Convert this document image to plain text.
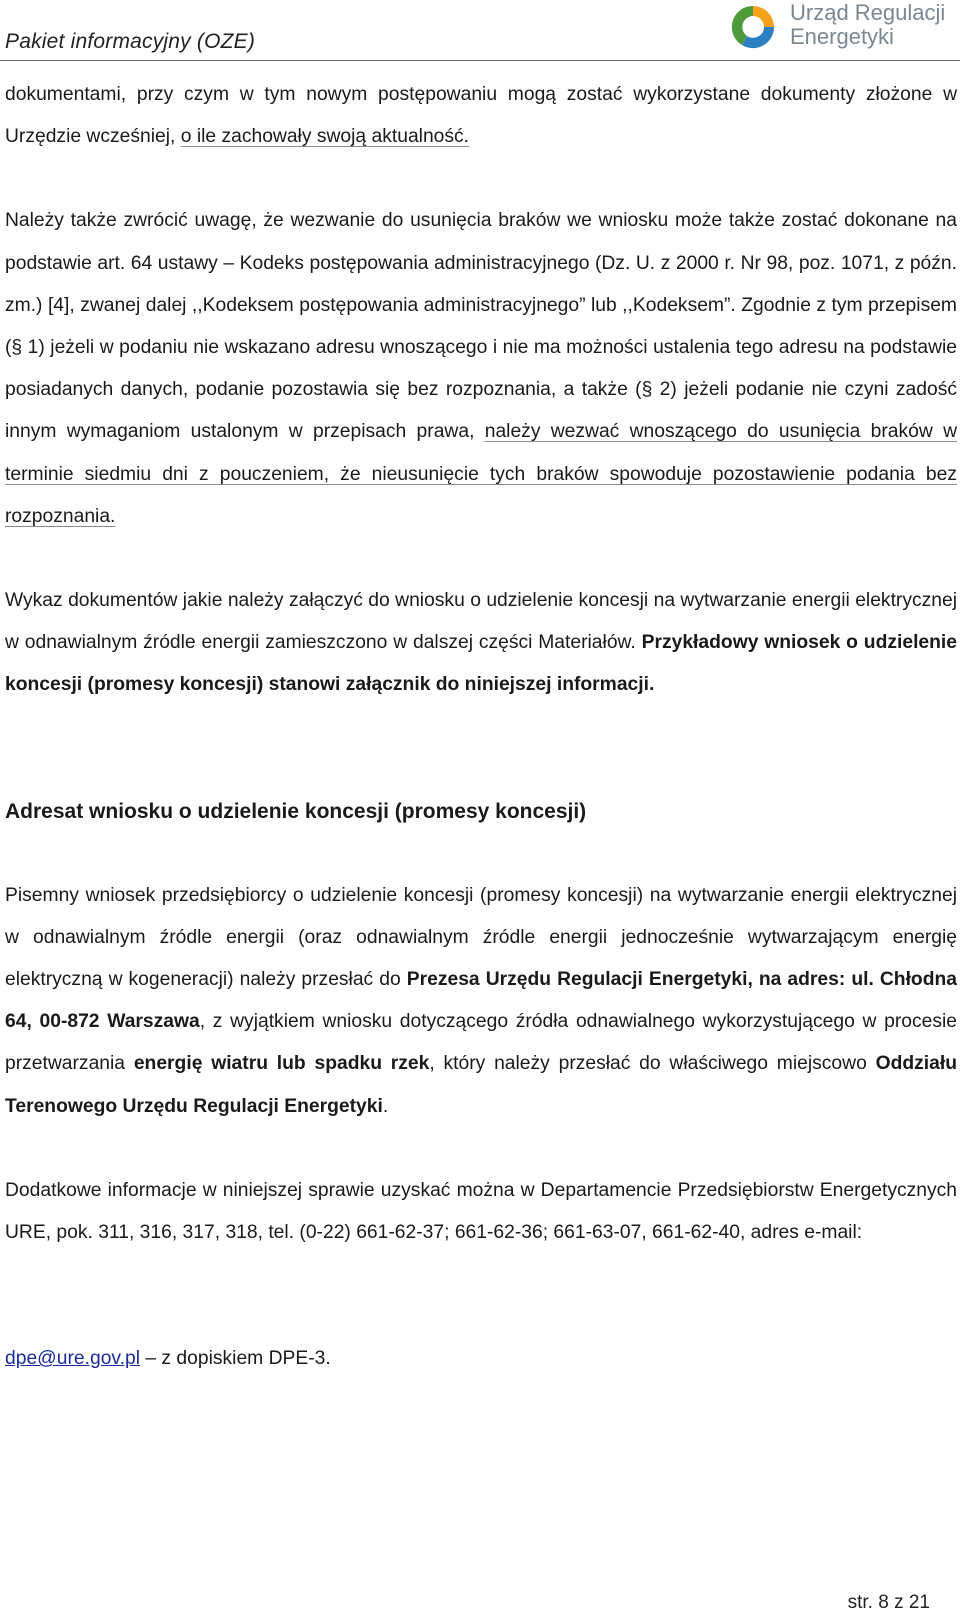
Pakiet informacyjny (OZE)
Urząd Regulacji
Energetyki

dokumentami, przy czym w tym nowym postępowaniu mogą zostać wykorzystane dokumenty złożone w Urzędzie wcześniej, o ile zachowały swoją aktualność.

Należy także zwrócić uwagę, że wezwanie do usunięcia braków we wniosku może także zostać dokonane na podstawie art. 64 ustawy – Kodeks postępowania administracyjnego (Dz. U. z 2000 r. Nr 98, poz. 1071, z późn. zm.) [4], zwanej dalej ,,Kodeksem postępowania administracyjnego” lub ,,Kodeksem”. Zgodnie z tym przepisem (§ 1) jeżeli w podaniu nie wskazano adresu wnoszącego i nie ma możności ustalenia tego adresu na podstawie posiadanych danych, podanie pozostawia się bez rozpoznania, a także (§ 2) jeżeli podanie nie czyni zadość innym wymaganiom ustalonym w przepisach prawa, należy wezwać wnoszącego do usunięcia braków w terminie siedmiu dni z pouczeniem, że nieusunięcie tych braków spowoduje pozostawienie podania bez rozpoznania.

Wykaz dokumentów jakie należy załączyć do wniosku o udzielenie koncesji na wytwarzanie energii elektrycznej w odnawialnym źródle energii zamieszczono w dalszej części Materiałów. Przykładowy wniosek o udzielenie koncesji (promesy koncesji) stanowi załącznik do niniejszej informacji.

Adresat wniosku o udzielenie koncesji (promesy koncesji)

Pisemny wniosek przedsiębiorcy o udzielenie koncesji (promesy koncesji) na wytwarzanie energii elektrycznej w odnawialnym źródle energii (oraz odnawialnym źródle energii jednocześnie wytwarzającym energię elektryczną w kogeneracji) należy przesłać do Prezesa Urzędu Regulacji Energetyki, na adres: ul. Chłodna 64, 00-872 Warszawa, z wyjątkiem wniosku dotyczącego źródła odnawialnego wykorzystującego w procesie przetwarzania energię wiatru lub spadku rzek, który należy przesłać do właściwego miejscowo Oddziału Terenowego Urzędu Regulacji Energetyki.

Dodatkowe informacje w niniejszej sprawie uzyskać można w Departamencie Przedsiębiorstw Energetycznych URE, pok. 311, 316, 317, 318, tel. (0-22) 661-62-37; 661-62-36; 661-63-07, 661-62-40, adres e-mail:

dpe@ure.gov.pl – z dopiskiem DPE-3.

str. 8 z 21
